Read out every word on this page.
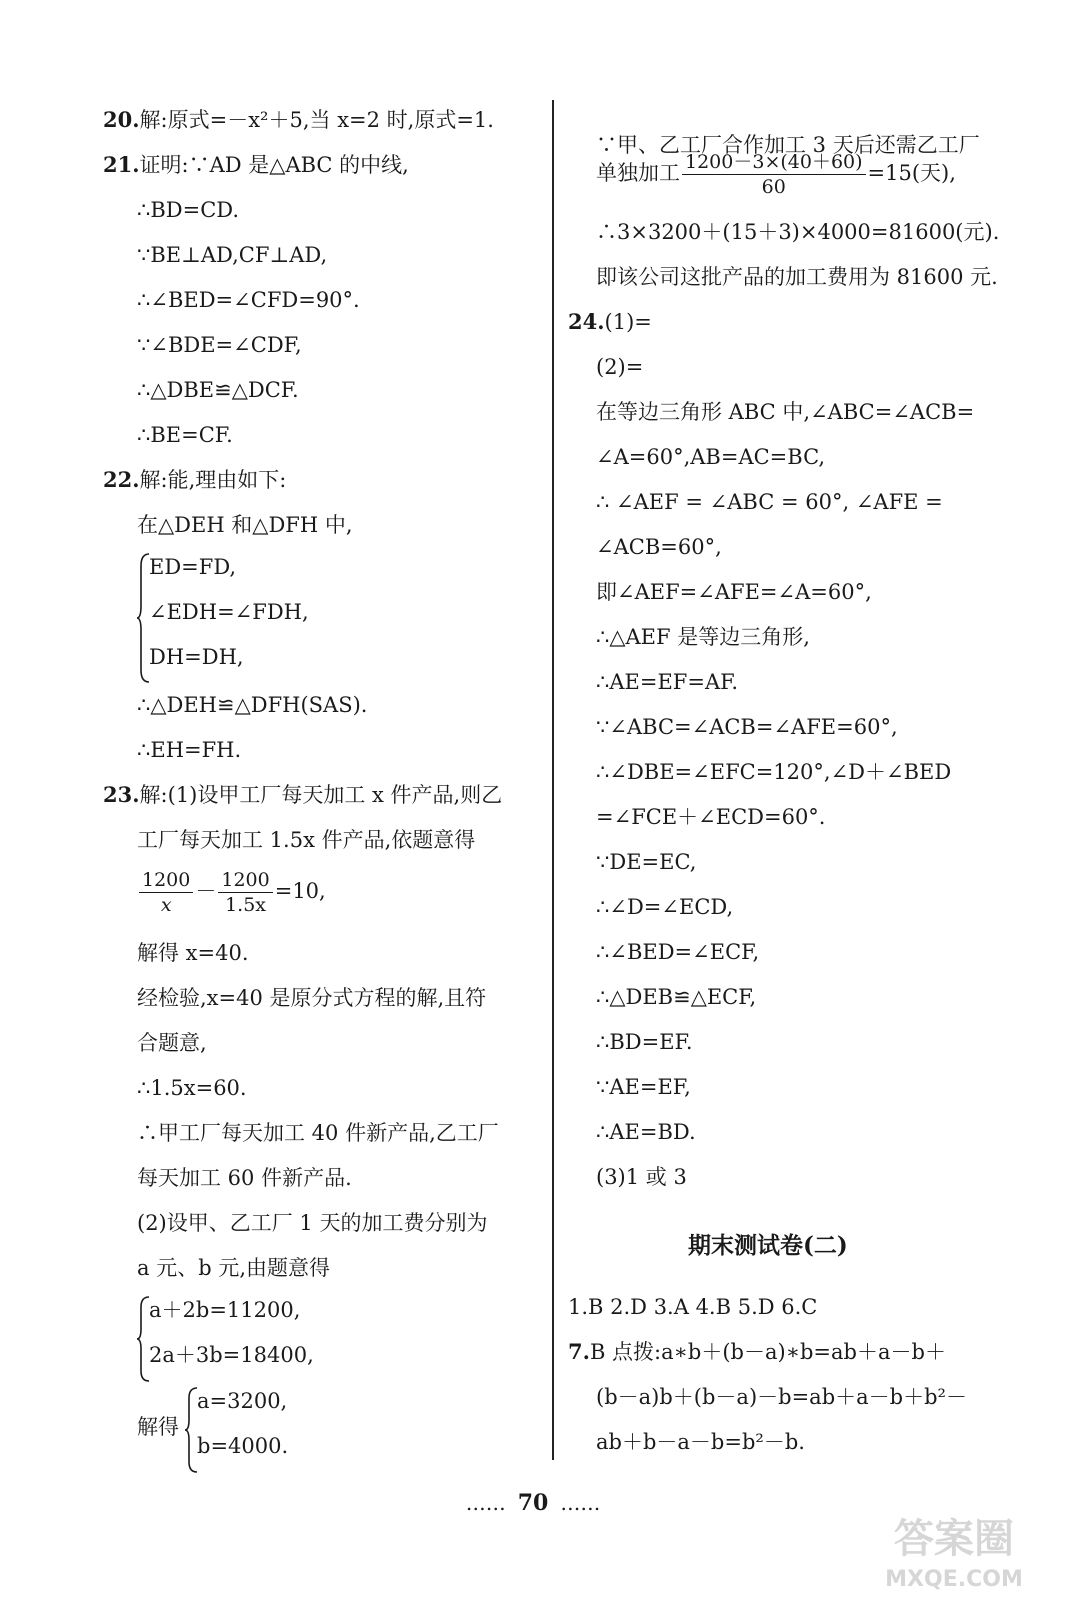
20.解:原式=－x²＋5,当 x=2 时,原式=1.
21.证明:∵AD 是△ABC 的中线,
∴BD=CD.
∵BE⊥AD,CF⊥AD,
∴∠BED=∠CFD=90°.
∵∠BDE=∠CDF,
∴△DBE≌△DCF.
∴BE=CF.
22.解:能,理由如下:
在△DEH 和△DFH 中,
ED=FD,
∠EDH=∠FDH,
DH=DH,
∴△DEH≌△DFH(SAS).
∴EH=FH.
23.解:(1)设甲工厂每天加工 x 件产品,则乙
工厂每天加工 1.5x 件产品,依题意得
$\frac{1200}{x} - \frac{1200}{1.5x} =10$,
解得 x=40.
经检验,x=40 是原分式方程的解,且符
合题意,
∴1.5x=60.
∴甲工厂每天加工 40 件新产品,乙工厂
每天加工 60 件新产品.
(2)设甲、乙工厂 1 天的加工费分别为
a 元、b 元,由题意得
a＋2b=11200,
2a＋3b=18400,
解得
a=3200,
b=4000.
∵甲、乙工厂合作加工 3 天后还需乙工厂
单独加工 $\frac{1200-3\times(40+60)}{60} =15$(天),
∴3×3200＋(15＋3)×4000=81600(元).
即该公司这批产品的加工费用为 81600 元.
24.(1)=
(2)=
在等边三角形 ABC 中,∠ABC=∠ACB=
∠A=60°,AB=AC=BC,
∴ ∠AEF = ∠ABC = 60°, ∠AFE =
∠ACB=60°,
即∠AEF=∠AFE=∠A=60°,
∴△AEF 是等边三角形,
∴AE=EF=AF.
∵∠ABC=∠ACB=∠AFE=60°,
∴∠DBE=∠EFC=120°,∠D＋∠BED
=∠FCE＋∠ECD=60°.
∵DE=EC,
∴∠D=∠ECD,
∴∠BED=∠ECF,
∴△DEB≌△ECF,
∴BD=EF.
∵AE=EF,
∴AE=BD.
(3)1 或 3
期末测试卷(二)
1.B 2.D 3.A 4.B 5.D 6.C
7.B 点拨:a∗b＋(b－a)∗b=ab＋a－b＋
(b－a)b＋(b－a)－b=ab＋a－b＋b²－
ab＋b－a－b=b²－b.
…… 70 ……
答案圈
MXQE.COM
